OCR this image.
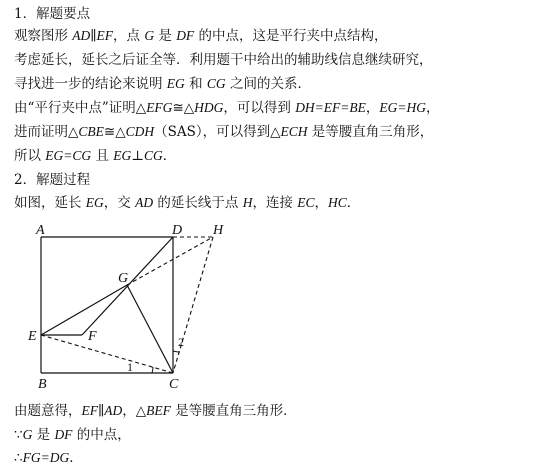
1．解题要点
观察图形 AD∥EF，点 G 是 DF 的中点，这是平行夹中点结构，
考虑延长，延长之后证全等．利用题干中给出的辅助线信息继续研究，
寻找进一步的结论来说明 EG 和 CG 之间的关系．
由“平行夹中点”证明△EFG≅△HDG，可以得到 DH=EF=BE，EG=HG，
进而证明△CBE≅△CDH（SAS），可以得到△ECH 是等腰直角三角形，
所以 EG=CG 且 EG⊥CG．
2．解题过程
如图，延长 EG，交 AD 的延长线于点 H，连接 EC，HC．
A	D H
G
E	F
B	C
1
2
由题意得，EF∥AD，△BEF 是等腰直角三角形．
∵G 是 DF 的中点，
∴FG=DG．
